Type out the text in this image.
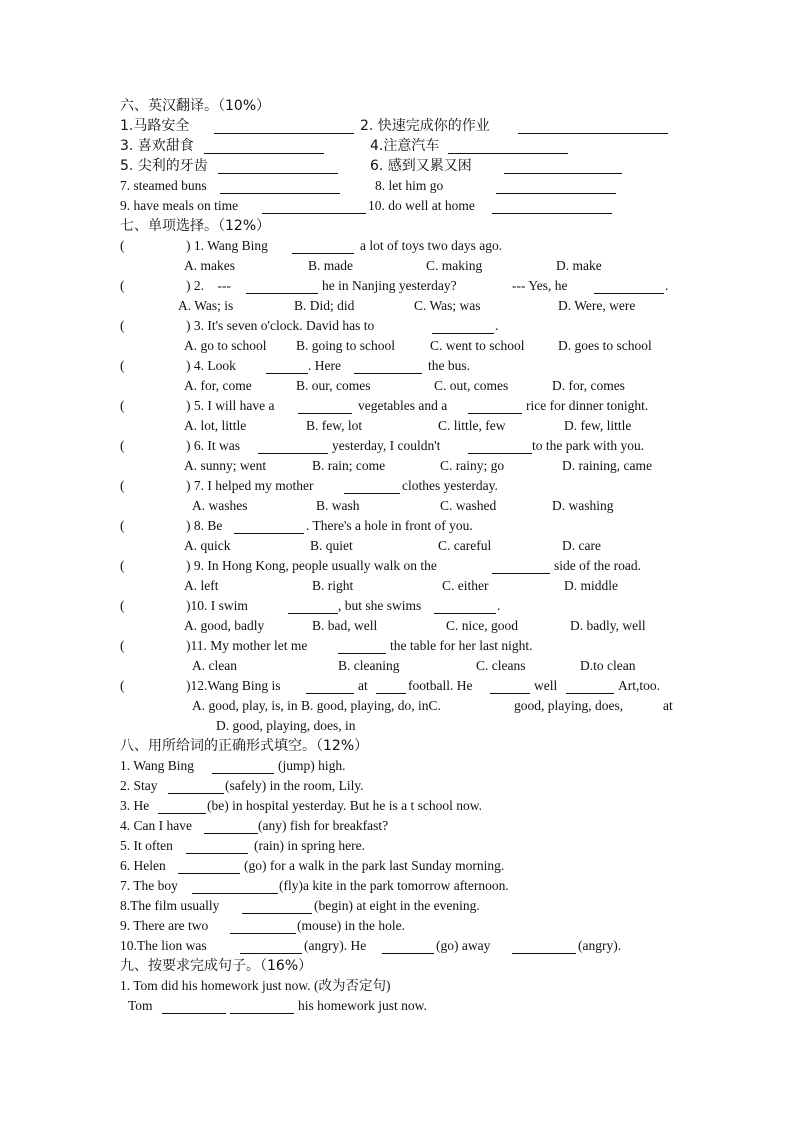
六、英汉翻译。（10%）
1.马路安全	2. 快速完成你的作业
3. 喜欢甜食	4.注意汽车
5. 尖利的牙齿	6. 感到又累又困
7. steamed buns	8. let him go
9. have meals on time	10. do well at home
七、单项选择。（12%）
(	) 1. Wang Bing	a lot of toys two days ago.
A. makes	B. made	C. making	D. make
(	) 2.　---	he in Nanjing yesterday?	--- Yes, he	.
A. Was; is	B. Did; did	C. Was; was	D. Were, were
(	) 3. It's seven o'clock. David has to	.
A. go to school B. going to school	C. went to school D. goes to school
(	) 4. Look	. Here	the bus.
A. for, come	B. our, comes	C. out, comes	D. for, comes
(	) 5. I will have a	vegetables and a	rice for dinner tonight.
A. lot, little	B. few, lot	C. little, few	D. few, little
(	) 6. It was	yesterday, I couldn't	to the park with you.
A. sunny; went	B. rain; come	C. rainy; go	D. raining, came
(	) 7. I helped my mother	clothes yesterday.
A. washes	B. wash	C. washed	D. washing
(	) 8. Be	. There's a hole in front of you.
A. quick	B. quiet	C. careful	D. care
(	) 9. In Hong Kong, people usually walk on the	side of the road.
A. left	B. right	C. either	D. middle
(	)10. I swim	, but she swims	.
A. good, badly	B. bad, well	C. nice, good	D. badly, well
(	)11. My mother let me	the table for her last night.
A. clean	B. cleaning	C. cleans	D.to clean
(	)12.Wang Bing is	at	football. He	well	Art,too.
A. good, play, is, in B. good, playing, do, inC.	good, playing, does,	at
D. good, playing, does, in
八、用所给词的正确形式填空。（12%）
1. Wang Bing	(jump) high.
2. Stay	(safely) in the room, Lily.
3. He	(be) in hospital yesterday. But he is a t school now.
4. Can I have	(any) fish for breakfast?
5. It often	(rain) in spring here.
6. Helen	(go) for a walk in the park last Sunday morning.
7. The boy	(fly)a kite in the park tomorrow afternoon.
8.The film usually	(begin) at eight in the evening.
9. There are two	(mouse) in the hole.
10.The lion was	(angry). He	(go) away	(angry).
九、按要求完成句子。（16%）
1. Tom did his homework just now. (改为否定句)
Tom	his homework just now.
